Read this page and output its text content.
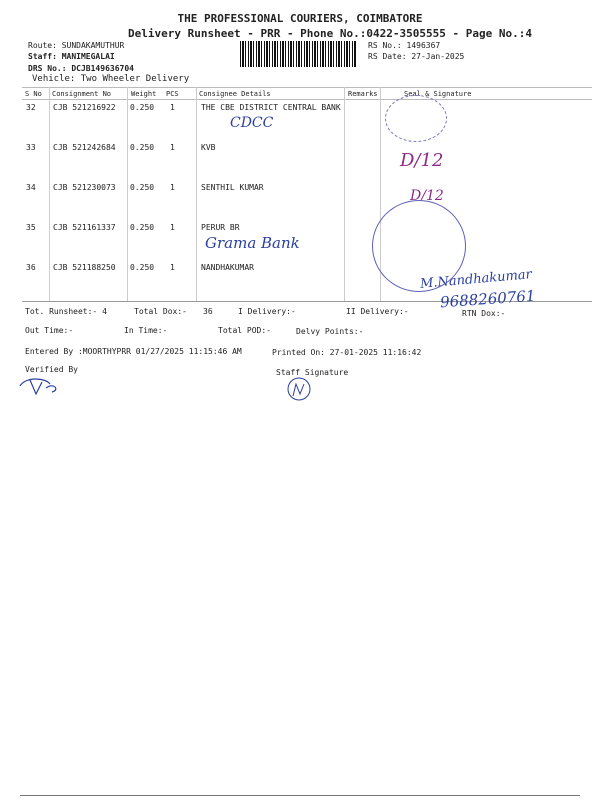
THE PROFESSIONAL COURIERS, COIMBATORE
Delivery Runsheet - PRR - Phone No.:0422-3505555 - Page No.:4
Route: SUNDAKAMUTHUR
Staff: MANIMEGALAI
DRS No.: DCJB149636704
Vehicle: Two Wheeler Delivery
RS No.: 1496367
RS Date: 27-Jan-2025
S No Consignment No	Weight PCS	Consignee Details	Remarks	Seal & Signature
32 CJB 521216922 0.250 1	THE CBE DISTRICT CENTRAL BANK
33 CJB 521242684 0.250 1	KVB
34 CJB 521230073 0.250 1	SENTHIL KUMAR
35 CJB 521161337 0.250 1	PERUR BR
36 CJB 521188250 0.250 1	NANDHAKUMAR
CDCC
D/12
D/12
Grama Bank
M.Nandhakumar
9688260761
Tot. Runsheet:- 4	Total Dox:- 36	I Delivery:-	II Delivery:-	RTN Dox:-
Out Time:-	In Time:-	Total POD:-	Delvy Points:-
Entered By :MOORTHYPRR 01/27/2025 11:15:46 AM	Printed On: 27-01-2025 11:16:42
Verified By	Staff Signature
